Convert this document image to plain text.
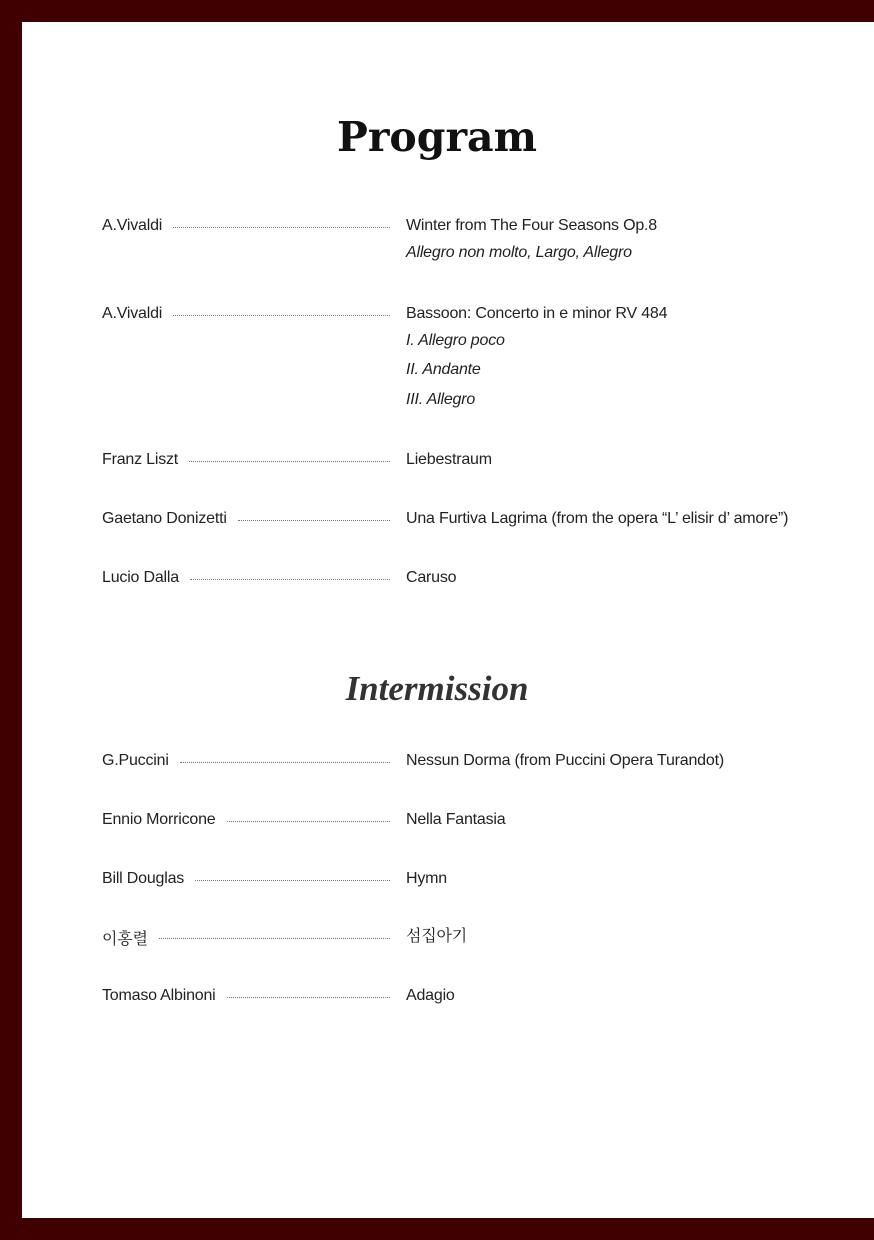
Program
A.Vivaldi	Winter from The Four Seasons Op.8
Allegro non molto, Largo, Allegro
A.Vivaldi	Bassoon: Concerto in e minor RV 484
I. Allegro poco
II. Andante
III. Allegro
Franz Liszt	Liebestraum
Gaetano Donizetti	Una Furtiva Lagrima (from the opera “L’ elisir d’ amore”)
Lucio Dalla	Caruso
Intermission
G.Puccini	Nessun Dorma (from Puccini Opera Turandot)
Ennio Morricone	Nella Fantasia
Bill Douglas	Hymn
이홍렬	섬집아기
Tomaso Albinoni	Adagio
